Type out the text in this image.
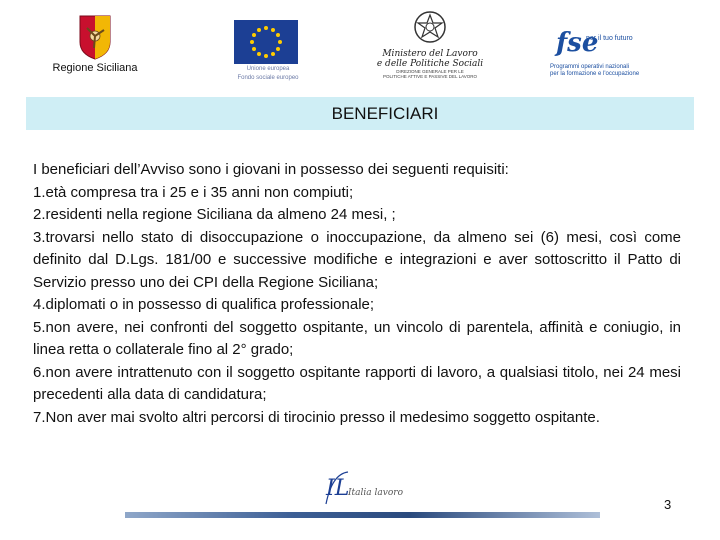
Regione Siciliana	Unione europea
Fondo sociale europeo
Ministero del Lavoro
e delle Politiche Sociali
DIREZIONE GENERALE PER LE
POLITICHE ATTIVE E PASSIVE DEL LAVORO
fse
per il tuo futuro
Programmi operativi nazionali
per la formazione e l'occupazione
BENEFICIARI

I beneficiari dell’Avviso sono i giovani in possesso dei seguenti requisiti:

1.età compresa tra i 25 e i 35 anni non compiuti;

2.residenti nella regione Siciliana da almeno 24 mesi, ;

3.trovarsi nello stato di disoccupazione o inoccupazione, da almeno sei (6) mesi, così come definito dal D.Lgs. 181/00 e successive modifiche e integrazioni e aver sottoscritto il Patto di Servizio presso uno dei CPI della Regione Siciliana;

4.diplomati o in possesso di qualifica professionale;

5.non avere, nei confronti del soggetto ospitante, un vincolo di parentela, affinità e coniugio, in linea retta o collaterale fino al 2° grado;

6.non avere intrattenuto con il soggetto ospitante rapporti di lavoro, a qualsiasi titolo, nei 24 mesi precedenti alla data di candidatura;

7.Non aver mai svolto altri percorsi di tirocinio presso il medesimo soggetto ospitante.

IL
Italia lavoro
3
